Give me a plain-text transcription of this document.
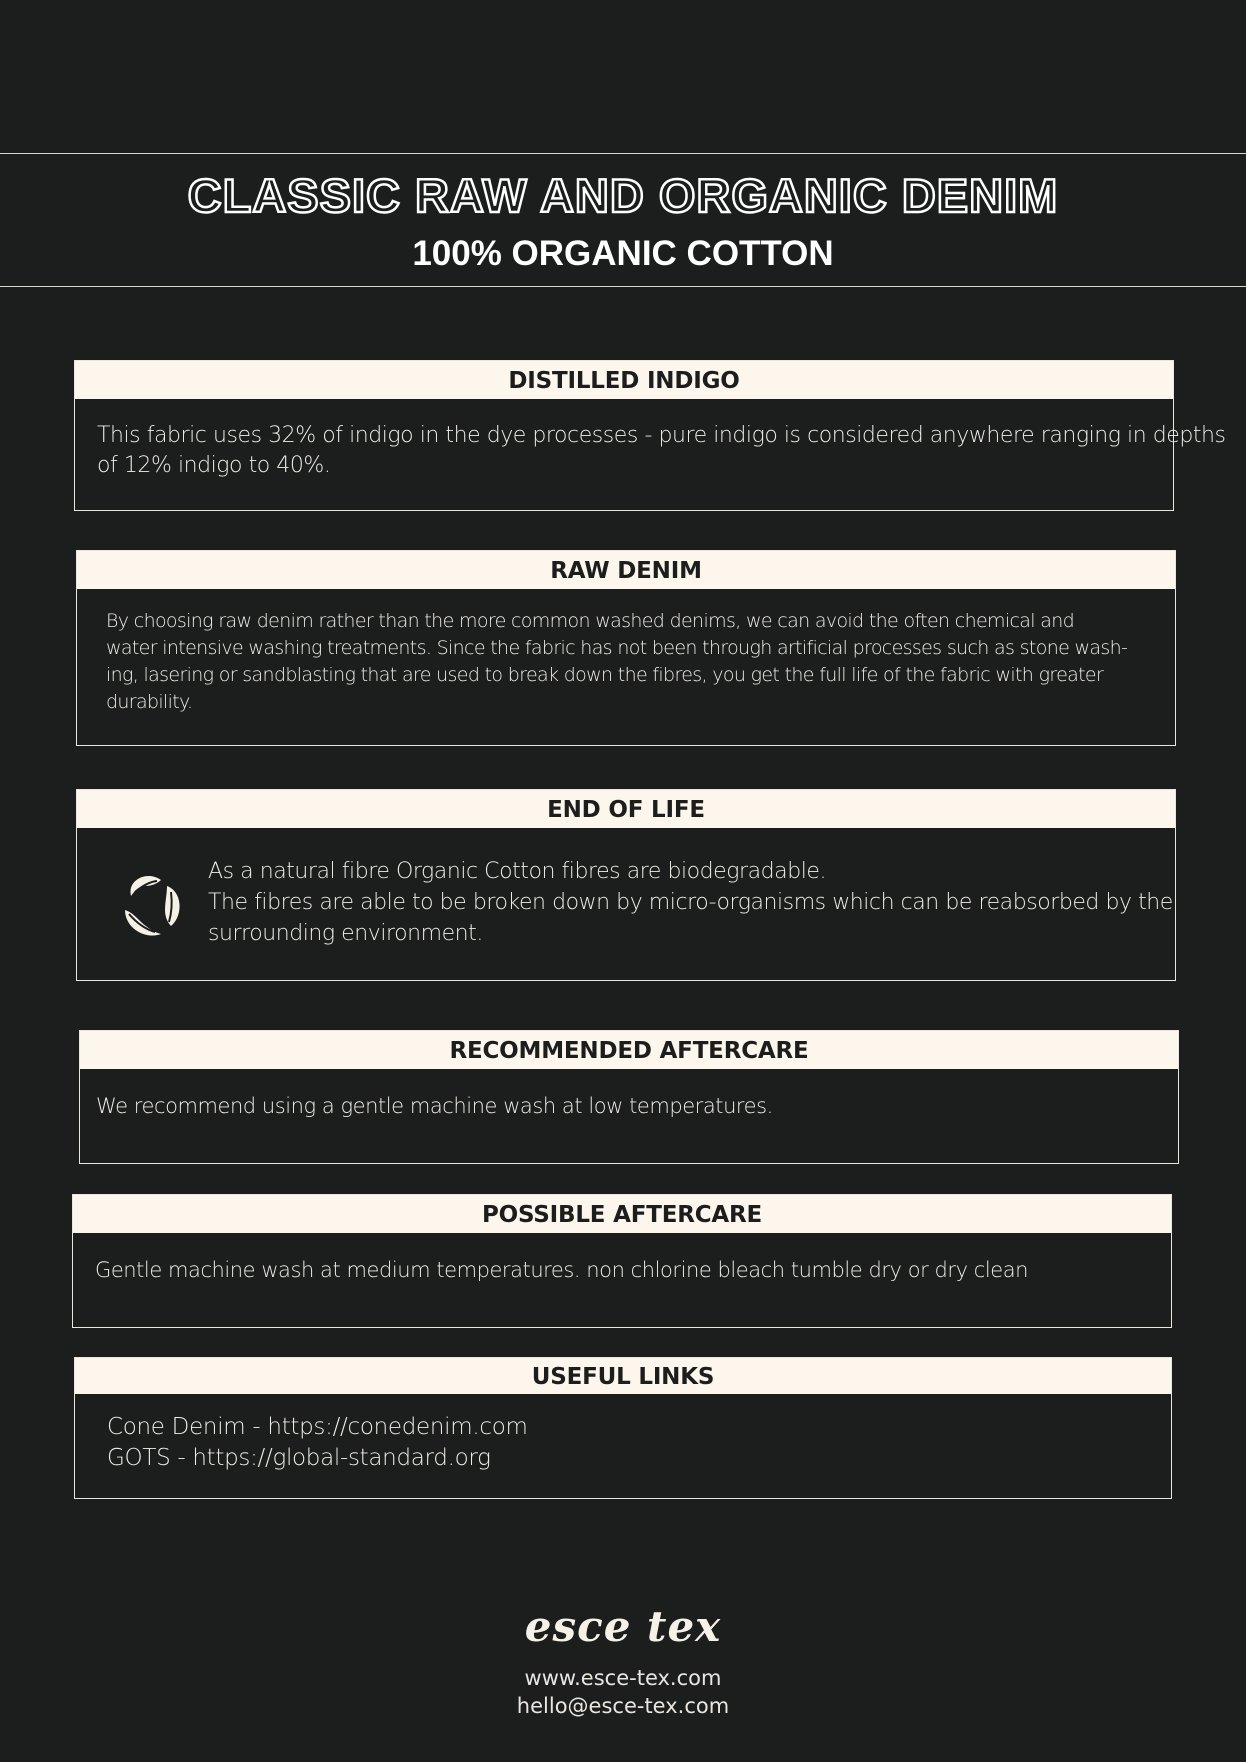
CLASSIC RAW AND ORGANIC DENIM
100% ORGANIC COTTON
DISTILLED INDIGO
This fabric uses 32% of indigo in the dye processes - pure indigo is considered anywhere ranging in depths
of 12% indigo to 40%.
RAW DENIM
By choosing raw denim rather than the more common washed denims, we can avoid the often chemical and
water intensive washing treatments. Since the fabric has not been through artificial processes such as stone wash-
ing, lasering or sandblasting that are used to break down the fibres, you get the full life of the fabric with greater
durability.
END OF LIFE
As a natural fibre Organic Cotton fibres are biodegradable.
The fibres are able to be broken down by micro-organisms which can be reabsorbed by the
surrounding environment.
RECOMMENDED AFTERCARE
We recommend using a gentle machine wash at low temperatures.
POSSIBLE AFTERCARE
Gentle machine wash at medium temperatures. non chlorine bleach tumble dry or dry clean
USEFUL LINKS
Cone Denim - https://conedenim.com
GOTS - https://global-standard.org
esce tex
www.esce-tex.com
hello@esce-tex.com
